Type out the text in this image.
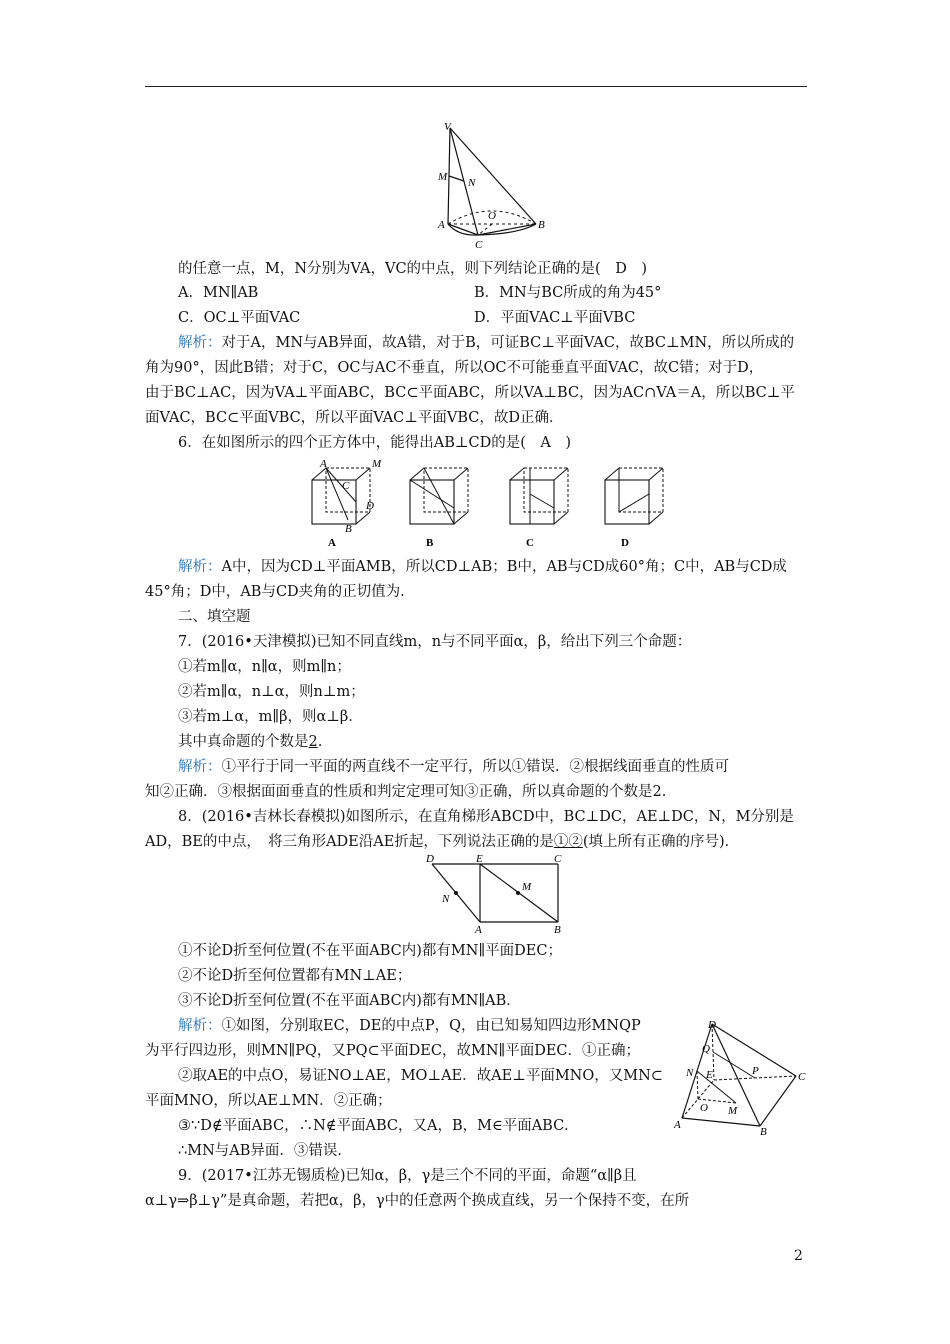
V
M N
A
O
B
C
的任意一点，M，N分别为VA，VC的中点，则下列结论正确的是(　D　)
A．MN∥AB	B．MN与BC所成的角为45°
C．OC⊥平面VAC	D．平面VAC⊥平面VBC
解析：对于A，MN与AB异面，故A错，对于B，可证BC⊥平面VAC，故BC⊥MN，所以所成的
角为90°，因此B错；对于C，OC与AC不垂直，所以OC不可能垂直平面VAC，故C错；对于D，
由于BC⊥AC，因为VA⊥平面ABC，BC⊂平面ABC，所以VA⊥BC，因为AC∩VA＝A，所以BC⊥平
面VAC，BC⊂平面VBC，所以平面VAC⊥平面VBC，故D正确．
6．在如图所示的四个正方体中，能得出AB⊥CD的是(　A　)
A	M
C
D
B
A	B	C	D
解析：A中，因为CD⊥平面AMB，所以CD⊥AB；B中，AB与CD成60°角；C中，AB与CD成
45°角；D中，AB与CD夹角的正切值为.
二、填空题
7．(2016•天津模拟)已知不同直线m，n与不同平面α，β，给出下列三个命题：
①若m∥α，n∥α，则m∥n；
②若m∥α，n⊥α，则n⊥m；
③若m⊥α，m∥β，则α⊥β．
其中真命题的个数是2.
解析：①平行于同一平面的两直线不一定平行，所以①错误．②根据线面垂直的性质可
知②正确．③根据面面垂直的性质和判定定理可知③正确，所以真命题的个数是2.
8．(2016•吉林长春模拟)如图所示，在直角梯形ABCD中，BC⊥DC，AE⊥DC，N，M分别是
AD，BE的中点，　将三角形ADE沿AE折起，下列说法正确的是①②(填上所有正确的序号)．
D	E	C
M
N
A	B
①不论D折至何位置(不在平面ABC内)都有MN∥平面DEC；
②不论D折至何位置都有MN⊥AE；
③不论D折至何位置(不在平面ABC内)都有MN∥AB．
解析：①如图，分别取EC，DE的中点P，Q，由已知易知四边形MNQP
为平行四边形，则MN∥PQ，又PQ⊂平面DEC，故MN∥平面DEC．①正确；
②取AE的中点O，易证NO⊥AE，MO⊥AE．故AE⊥平面MNO，又MN⊂
平面MNO，所以AE⊥MN．②正确；
③∵D∉平面ABC，∴N∉平面ABC，又A，B，M∈平面ABC．
∴MN与AB异面．③错误．
D
Q
E	P
N
O M
C
A
B
9．(2017•江苏无锡质检)已知α，β，γ是三个不同的平面，命题“α∥β且
α⊥γ⇒β⊥γ”是真命题，若把α，β，γ中的任意两个换成直线，另一个保持不变，在所
2
